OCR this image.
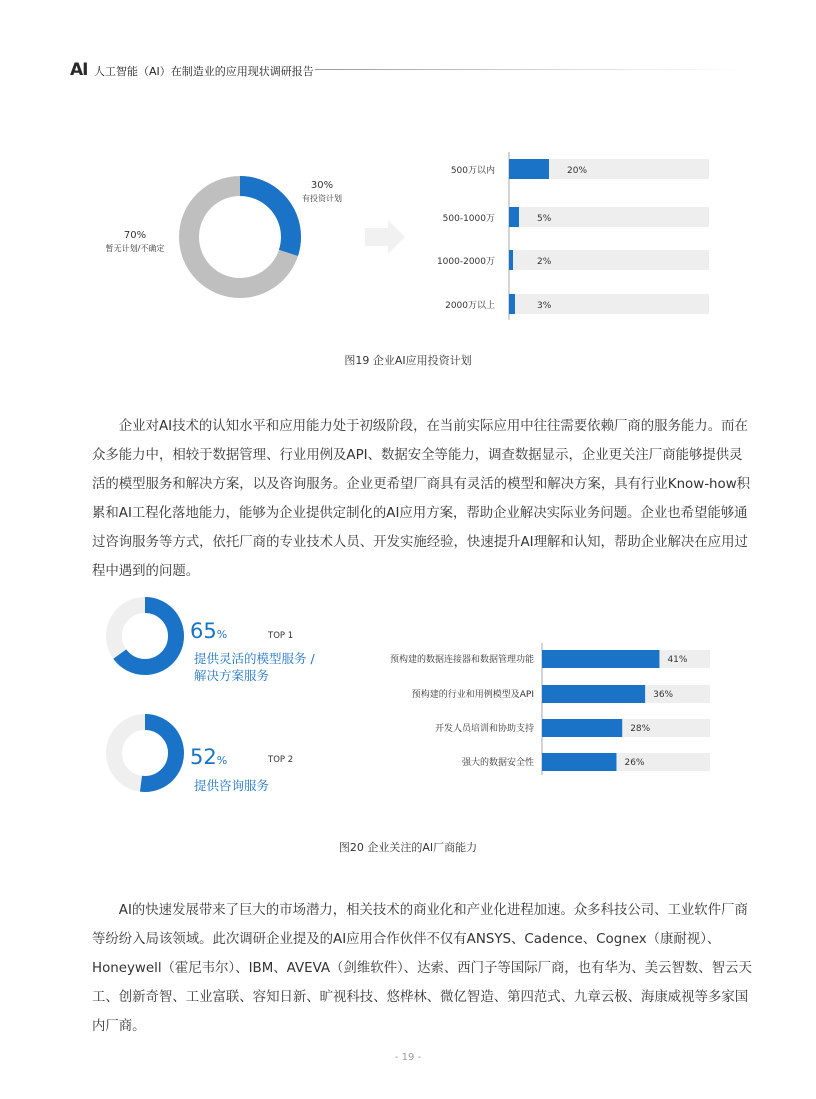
AI 人工智能（AI）在制造业的应用现状调研报告
30%
有投资计划
70%
暂无计划/不确定
500万以内	20%
500-1000万	5%
1000-2000万	2%
2000万以上	3%
图19 企业AI应用投资计划

企业对AI技术的认知水平和应用能力处于初级阶段，在当前实际应用中往往需要依赖厂商的服务能力。而在众多能力中，相较于数据管理、行业用例及API、数据安全等能力，调查数据显示，企业更关注厂商能够提供灵活的模型服务和解决方案，以及咨询服务。企业更希望厂商具有灵活的模型和解决方案，具有行业Know-how积累和AI工程化落地能力，能够为企业提供定制化的AI应用方案，帮助企业解决实际业务问题。企业也希望能够通过咨询服务等方式，依托厂商的专业技术人员、开发实施经验，快速提升AI理解和认知，帮助企业解决在应用过程中遇到的问题。

65%	TOP 1
提供灵活的模型服务 /
解决方案服务
52%	TOP 2
提供咨询服务
预构建的数据连接器和数据管理功能	41%
预构建的行业和用例模型及API	36%
开发人员培训和协助支持	28%
强大的数据安全性	26%
图20 企业关注的AI厂商能力

AI的快速发展带来了巨大的市场潜力，相关技术的商业化和产业化进程加速。众多科技公司、工业软件厂商等纷纷入局该领域。此次调研企业提及的AI应用合作伙伴不仅有ANSYS、Cadence、Cognex（康耐视）、Honeywell（霍尼韦尔）、IBM、AVEVA（剑维软件）、达索、西门子等国际厂商，也有华为、美云智数、智云天工、创新奇智、工业富联、容知日新、旷视科技、悠桦林、微亿智造、第四范式、九章云极、海康威视等多家国内厂商。

- 19 -
